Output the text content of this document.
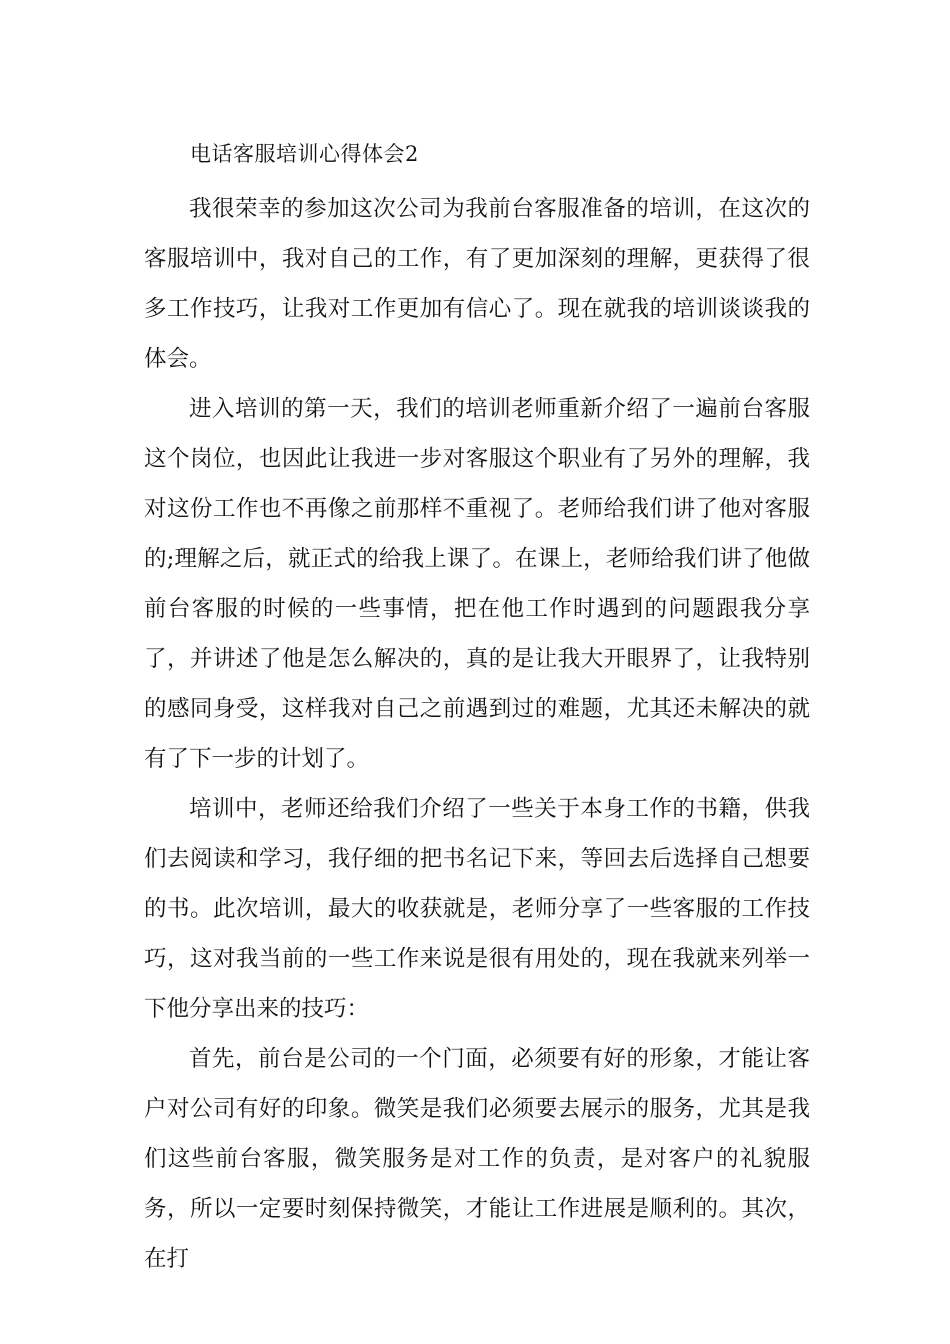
电话客服培训心得体会2

我很荣幸的参加这次公司为我前台客服准备的培训，在这次的客服培训中，我对自己的工作，有了更加深刻的理解，更获得了很多工作技巧，让我对工作更加有信心了。现在就我的培训谈谈我的体会。

进入培训的第一天，我们的培训老师重新介绍了一遍前台客服这个岗位，也因此让我进一步对客服这个职业有了另外的理解，我对这份工作也不再像之前那样不重视了。老师给我们讲了他对客服的;理解之后，就正式的给我上课了。在课上，老师给我们讲了他做前台客服的时候的一些事情，把在他工作时遇到的问题跟我分享了，并讲述了他是怎么解决的，真的是让我大开眼界了，让我特别的感同身受，这样我对自己之前遇到过的难题，尤其还未解决的就有了下一步的计划了。

培训中，老师还给我们介绍了一些关于本身工作的书籍，供我们去阅读和学习，我仔细的把书名记下来，等回去后选择自己想要的书。此次培训，最大的收获就是，老师分享了一些客服的工作技巧，这对我当前的一些工作来说是很有用处的，现在我就来列举一下他分享出来的技巧：

首先，前台是公司的一个门面，必须要有好的形象，才能让客户对公司有好的印象。微笑是我们必须要去展示的服务，尤其是我们这些前台客服，微笑服务是对工作的负责，是对客户的礼貌服务，所以一定要时刻保持微笑，才能让工作进展是顺利的。其次，在打
